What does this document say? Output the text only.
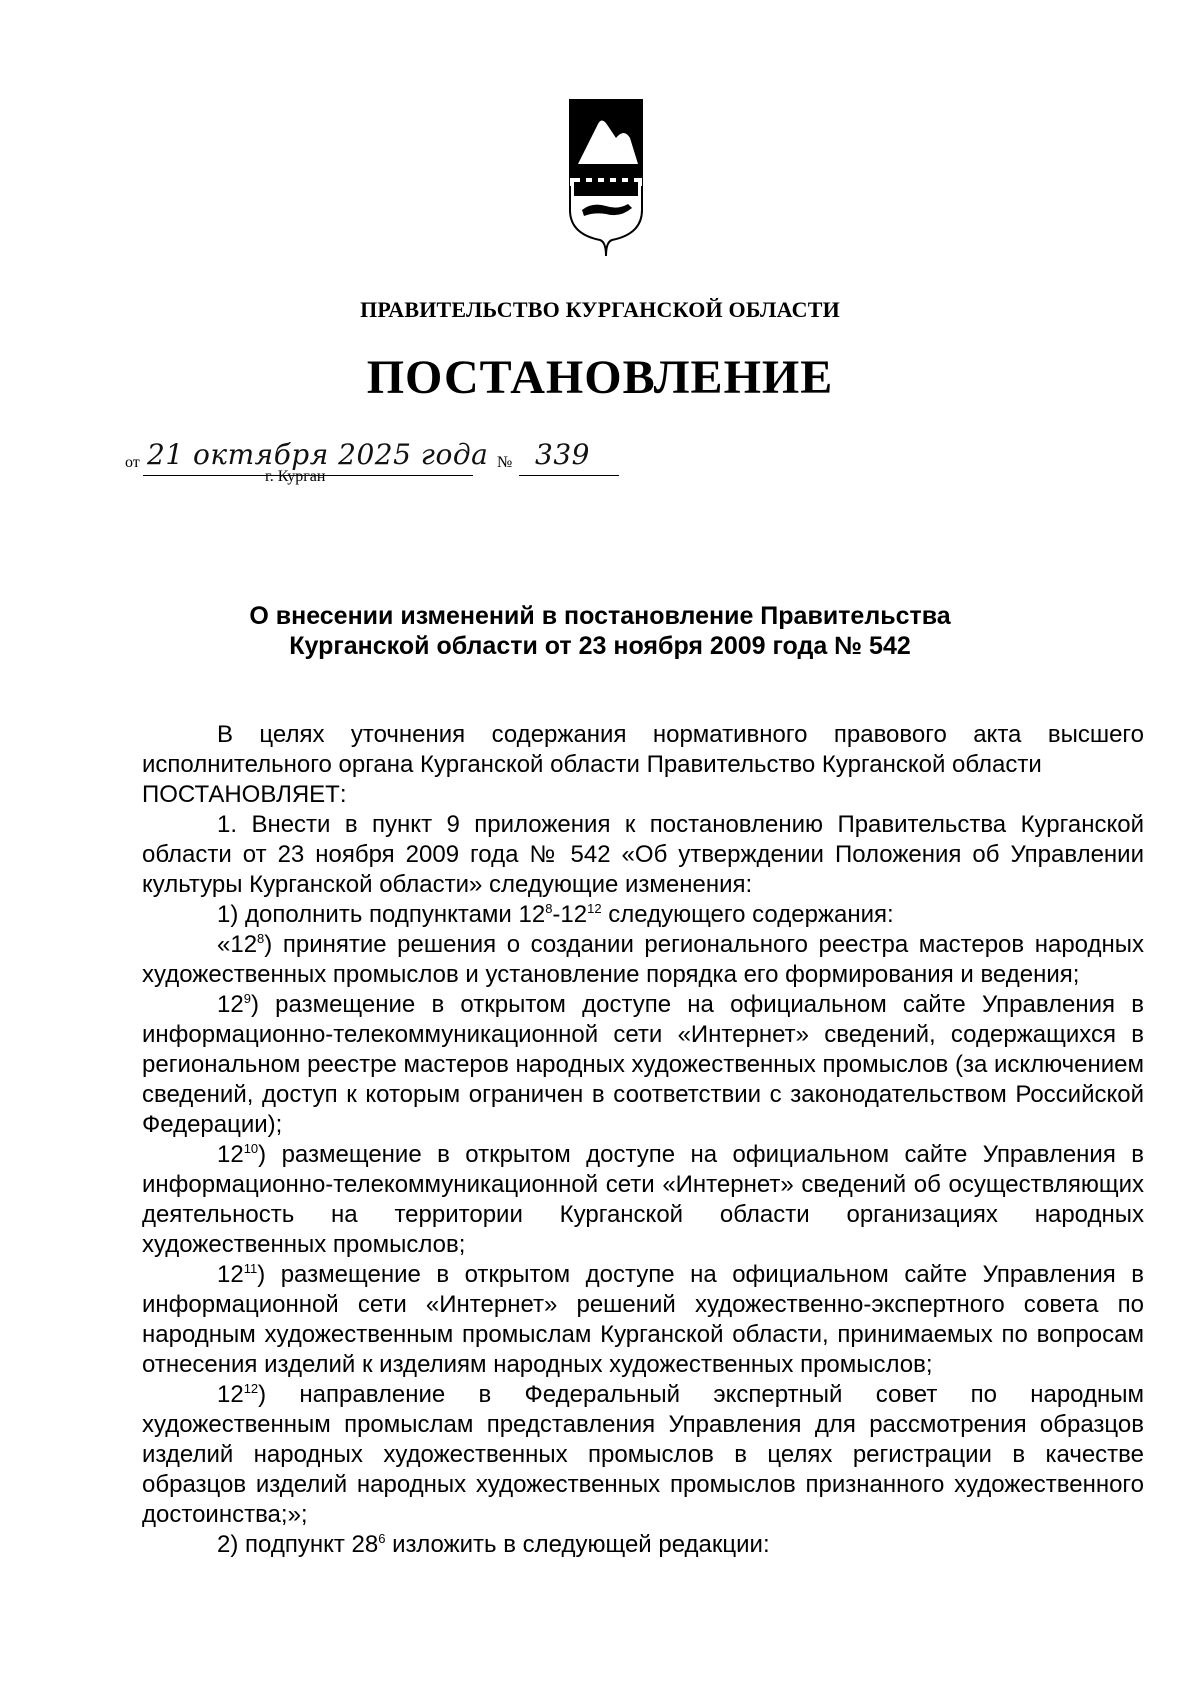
ПРАВИТЕЛЬСТВО КУРГАНСКОЙ ОБЛАСТИ
ПОСТАНОВЛЕНИЕ
от 21 октября 2025 года № 339
г. Курган
О внесении изменений в постановление Правительства
Курганской области от 23 ноября 2009 года № 542

В целях уточнения содержания нормативного правового акта высшего исполнительного органа Курганской области Правительство Курганской области
ПОСТАНОВЛЯЕТ:

1. Внести в пункт 9 приложения к постановлению Правительства Курганской области от 23 ноября 2009 года № 542 «Об утверждении Положения об Управлении культуры Курганской области» следующие изменения:

1) дополнить подпунктами $12^8-12^{12}$ следующего содержания:

«$12^8$) принятие решения о создании регионального реестра мастеров народных художественных промыслов и установление порядка его формирования и ведения;

$12^9$) размещение в открытом доступе на официальном сайте Управления в информационно-телекоммуникационной сети «Интернет» сведений, содержащихся в региональном реестре мастеров народных художественных промыслов (за исключением сведений, доступ к которым ограничен в соответствии с законодательством Российской Федерации);

$12^{10}$) размещение в открытом доступе на официальном сайте Управления в информационно-телекоммуникационной сети «Интернет» сведений об осуществляющих деятельность на территории Курганской области организациях народных художественных промыслов;

$12^{11}$) размещение в открытом доступе на официальном сайте Управления в информационной сети «Интернет» решений художественно-экспертного совета по народным художественным промыслам Курганской области, принимаемых по вопросам отнесения изделий к изделиям народных художественных промыслов;

$12^{12}$) направление в Федеральный экспертный совет по народным художественным промыслам представления Управления для рассмотрения образцов изделий народных художественных промыслов в целях регистрации в качестве образцов изделий народных художественных промыслов признанного художественного достоинства;»;

2) подпункт $28^6$ изложить в следующей редакции:
